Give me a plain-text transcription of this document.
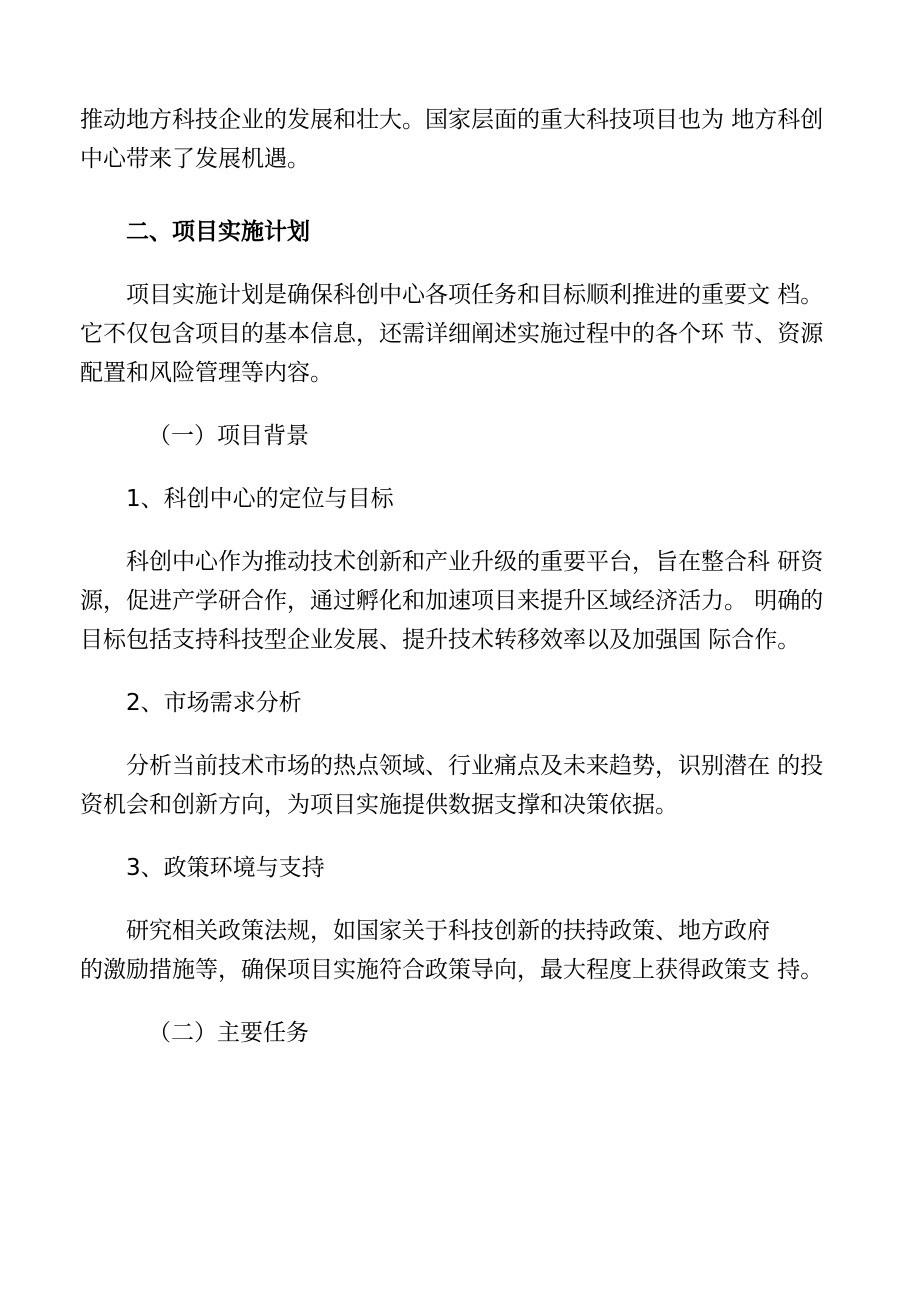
推动地方科技企业的发展和壮大。国家层面的重大科技项目也为 地方科创
中心带来了发展机遇。
二、项目实施计划
项目实施计划是确保科创中心各项任务和目标顺利推进的重要文 档。
它不仅包含项目的基本信息，还需详细阐述实施过程中的各个环 节、资源
配置和风险管理等内容。
（一）项目背景
1、科创中心的定位与目标
科创中心作为推动技术创新和产业升级的重要平台，旨在整合科 研资
源，促进产学研合作，通过孵化和加速项目来提升区域经济活力。 明确的
目标包括支持科技型企业发展、提升技术转移效率以及加强国 际合作。
2、市场需求分析
分析当前技术市场的热点领域、行业痛点及未来趋势，识别潜在 的投
资机会和创新方向，为项目实施提供数据支撑和决策依据。
3、政策环境与支持
研究相关政策法规，如国家关于科技创新的扶持政策、地方政府
的激励措施等，确保项目实施符合政策导向，最大程度上获得政策支 持。
（二）主要任务
